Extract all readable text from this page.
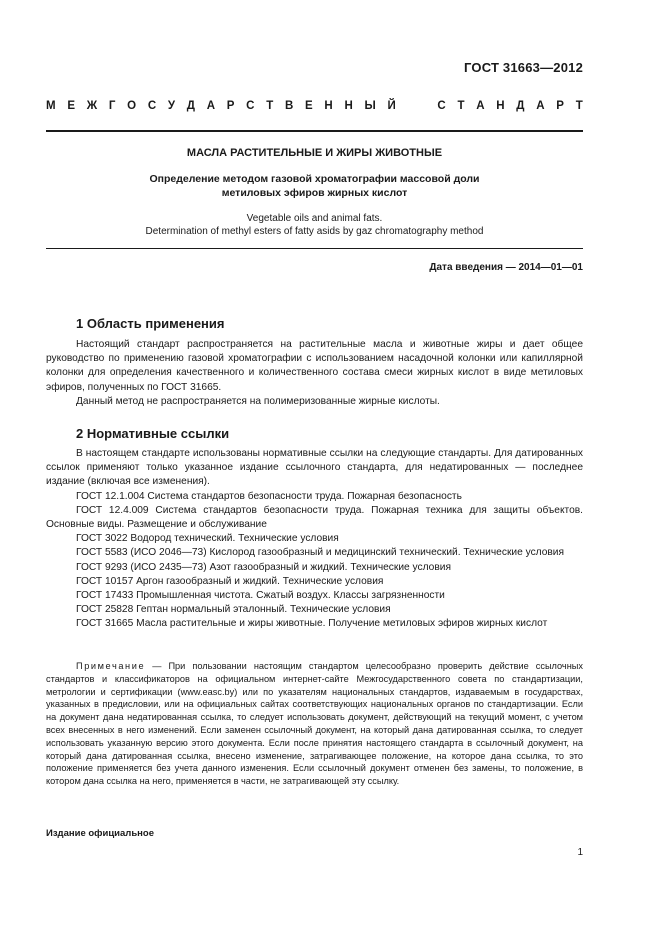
ГОСТ 31663—2012
М Е Ж Г О С У Д А Р С Т В Е Н Н Ы Й

	С Т А Н Д А Р Т
МАСЛА РАСТИТЕЛЬНЫЕ И ЖИРЫ ЖИВОТНЫЕ
Определение методом газовой хроматографии массовой доли
метиловых эфиров жирных кислот
Vegetable oils and animal fats.
Determination of methyl esters of fatty asids by gaz chromatography method
Дата введения — 2014—01—01
1 Область применения

Настоящий стандарт распространяется на растительные масла и животные жиры и дает общее руководство по применению газовой хроматографии с использованием насадочной колонки или капиллярной колонки для определения качественного и количественного состава смеси жирных кислот в виде метиловых эфиров, полученных по ГОСТ 31665.

Данный метод не распространяется на полимеризованные жирные кислоты.

2 Нормативные ссылки

В настоящем стандарте использованы нормативные ссылки на следующие стандарты. Для датированных ссылок применяют только указанное издание ссылочного стандарта, для недатированных — последнее издание (включая все изменения).

ГОСТ 12.1.004 Система стандартов безопасности труда. Пожарная безопасность

ГОСТ 12.4.009 Система стандартов безопасности труда. Пожарная техника для защиты объектов. Основные виды. Размещение и обслуживание

ГОСТ 3022 Водород технический. Технические условия

ГОСТ 5583 (ИСО 2046—73) Кислород газообразный и медицинский технический. Технические условия

ГОСТ 9293 (ИСО 2435—73) Азот газообразный и жидкий. Технические условия

ГОСТ 10157 Аргон газообразный и жидкий. Технические условия

ГОСТ 17433 Промышленная чистота. Сжатый воздух. Классы загрязненности

ГОСТ 25828 Гептан нормальный эталонный. Технические условия

ГОСТ 31665 Масла растительные и жиры животные. Получение метиловых эфиров жирных кислот

Примечание — При пользовании настоящим стандартом целесообразно проверить действие ссылочных стандартов и классификаторов на официальном интернет-сайте Межгосударственного совета по стандартизации, метрологии и сертификации (www.easc.by) или по указателям национальных стандартов, издаваемым в государствах, указанных в предисловии, или на официальных сайтах соответствующих национальных органов по стандартизации. Если на документ дана недатированная ссылка, то следует использовать документ, действующий на текущий момент, с учетом всех внесенных в него изменений. Если заменен ссылочный документ, на который дана датированная ссылка, то следует использовать указанную версию этого документа. Если после принятия настоящего стандарта в ссылочный документ, на который дана датированная ссылка, внесено изменение, затрагивающее положение, на которое дана ссылка, то это положение применяется без учета данного изменения. Если ссылочный документ отменен без замены, то положение, в котором дана ссылка на него, применяется в части, не затрагивающей эту ссылку.

Издание официальное
1
